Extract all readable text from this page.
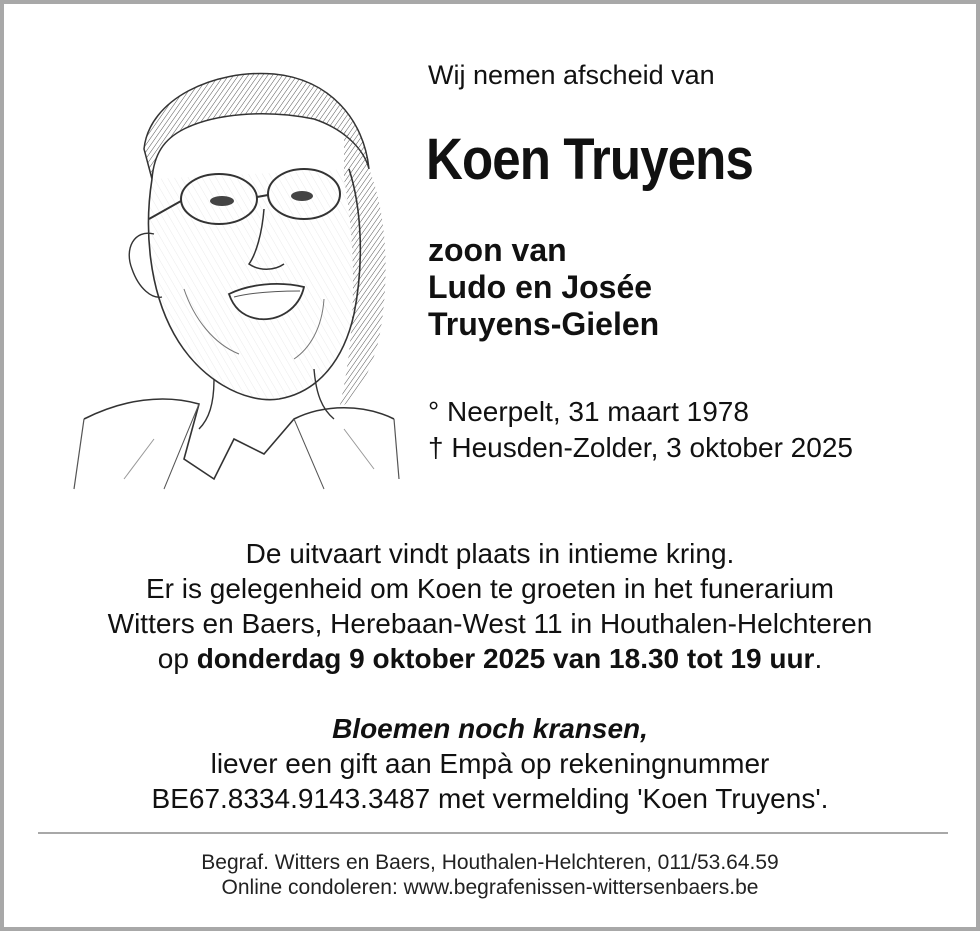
Wij nemen afscheid van
Koen Truyens
zoon van
Ludo en Josée
Truyens-Gielen
° Neerpelt, 31 maart 1978
† Heusden-Zolder, 3 oktober 2025
De uitvaart vindt plaats in intieme kring.
Er is gelegenheid om Koen te groeten in het funerarium
Witters en Baers, Herebaan-West 11 in Houthalen-Helchteren
op donderdag 9 oktober 2025 van 18.30 tot 19 uur.
Bloemen noch kransen,
liever een gift aan Empà op rekeningnummer
BE67.8334.9143.3487 met vermelding 'Koen Truyens'.
Begraf. Witters en Baers, Houthalen-Helchteren, 011/53.64.59
Online condoleren: www.begrafenissen-wittersenbaers.be
